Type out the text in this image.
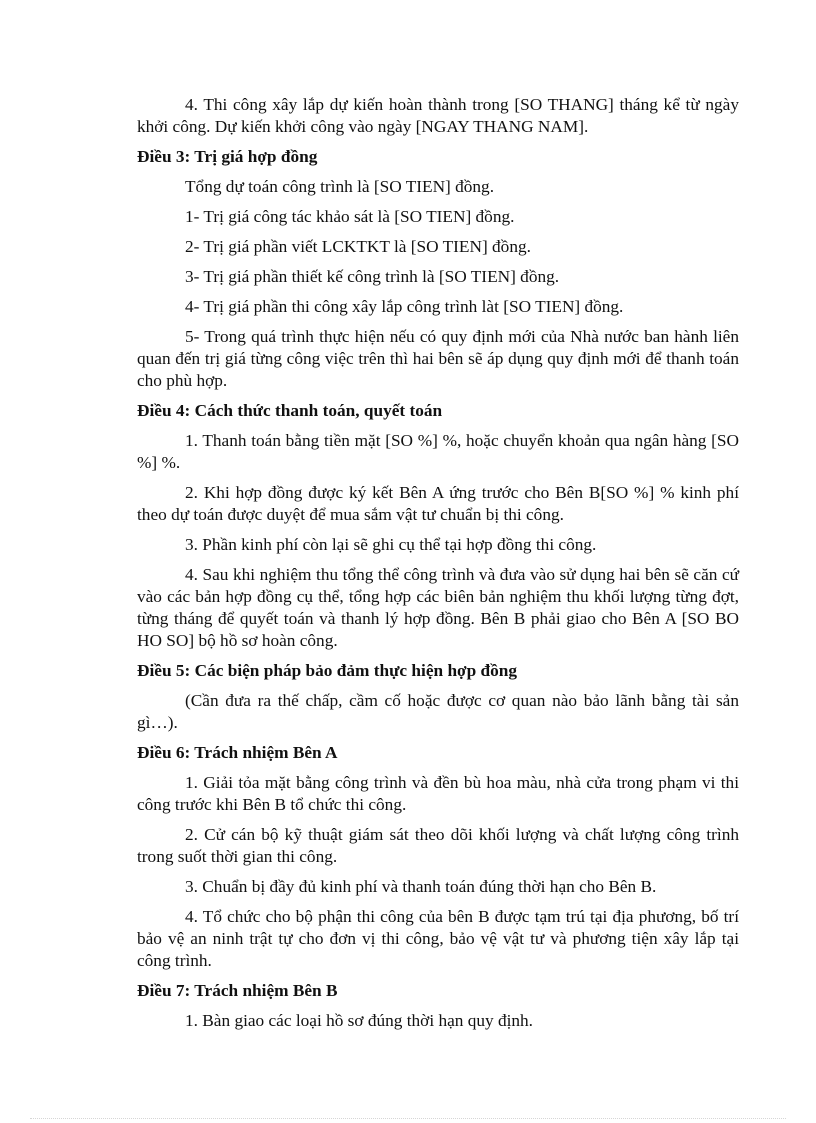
4. Thi công xây lắp dự kiến hoàn thành trong [SO THANG] tháng kể từ ngày khởi công. Dự kiến khởi công vào ngày [NGAY THANG NAM].

Điều 3: Trị giá hợp đồng

Tổng dự toán công trình là [SO TIEN] đồng.

1- Trị giá công tác khảo sát là [SO TIEN] đồng.

2- Trị giá phần viết LCKTKT là [SO TIEN] đồng.

3- Trị giá phần thiết kế công trình là [SO TIEN] đồng.

4- Trị giá phần thi công xây lắp công trình làt [SO TIEN] đồng.

5- Trong quá trình thực hiện nếu có quy định mới của Nhà nước ban hành liên quan đến trị giá từng công việc trên thì hai bên sẽ áp dụng quy định mới để thanh toán cho phù hợp.

Điều 4: Cách thức thanh toán, quyết toán

1. Thanh toán bằng tiền mặt [SO %] %, hoặc chuyển khoản qua ngân hàng [SO %] %.

2. Khi hợp đồng được ký kết Bên A ứng trước cho Bên B[SO %] % kinh phí theo dự toán được duyệt để mua sắm vật tư chuẩn bị thi công.

3. Phần kinh phí còn lại sẽ ghi cụ thể tại hợp đồng thi công.

4. Sau khi nghiệm thu tổng thể công trình và đưa vào sử dụng hai bên sẽ căn cứ vào các bản hợp đồng cụ thể, tổng hợp các biên bản nghiệm thu khối lượng từng đợt, từng tháng để quyết toán và thanh lý hợp đồng. Bên B phải giao cho Bên A [SO BO HO SO] bộ hồ sơ hoàn công.

Điều 5: Các biện pháp bảo đảm thực hiện hợp đồng

(Cần đưa ra thế chấp, cầm cố hoặc được cơ quan nào bảo lãnh bằng tài sản gì…).

Điều 6: Trách nhiệm Bên A

1. Giải tỏa mặt bằng công trình và đền bù hoa màu, nhà cửa trong phạm vi thi công trước khi Bên B tổ chức thi công.

2. Cử cán bộ kỹ thuật giám sát theo dõi khối lượng và chất lượng công trình trong suốt thời gian thi công.

3. Chuẩn bị đầy đủ kinh phí và thanh toán đúng thời hạn cho Bên B.

4. Tổ chức cho bộ phận thi công của bên B được tạm trú tại địa phương, bố trí bảo vệ an ninh trật tự cho đơn vị thi công, bảo vệ vật tư và phương tiện xây lắp tại công trình.

Điều 7: Trách nhiệm Bên B

1. Bàn giao các loại hồ sơ đúng thời hạn quy định.
